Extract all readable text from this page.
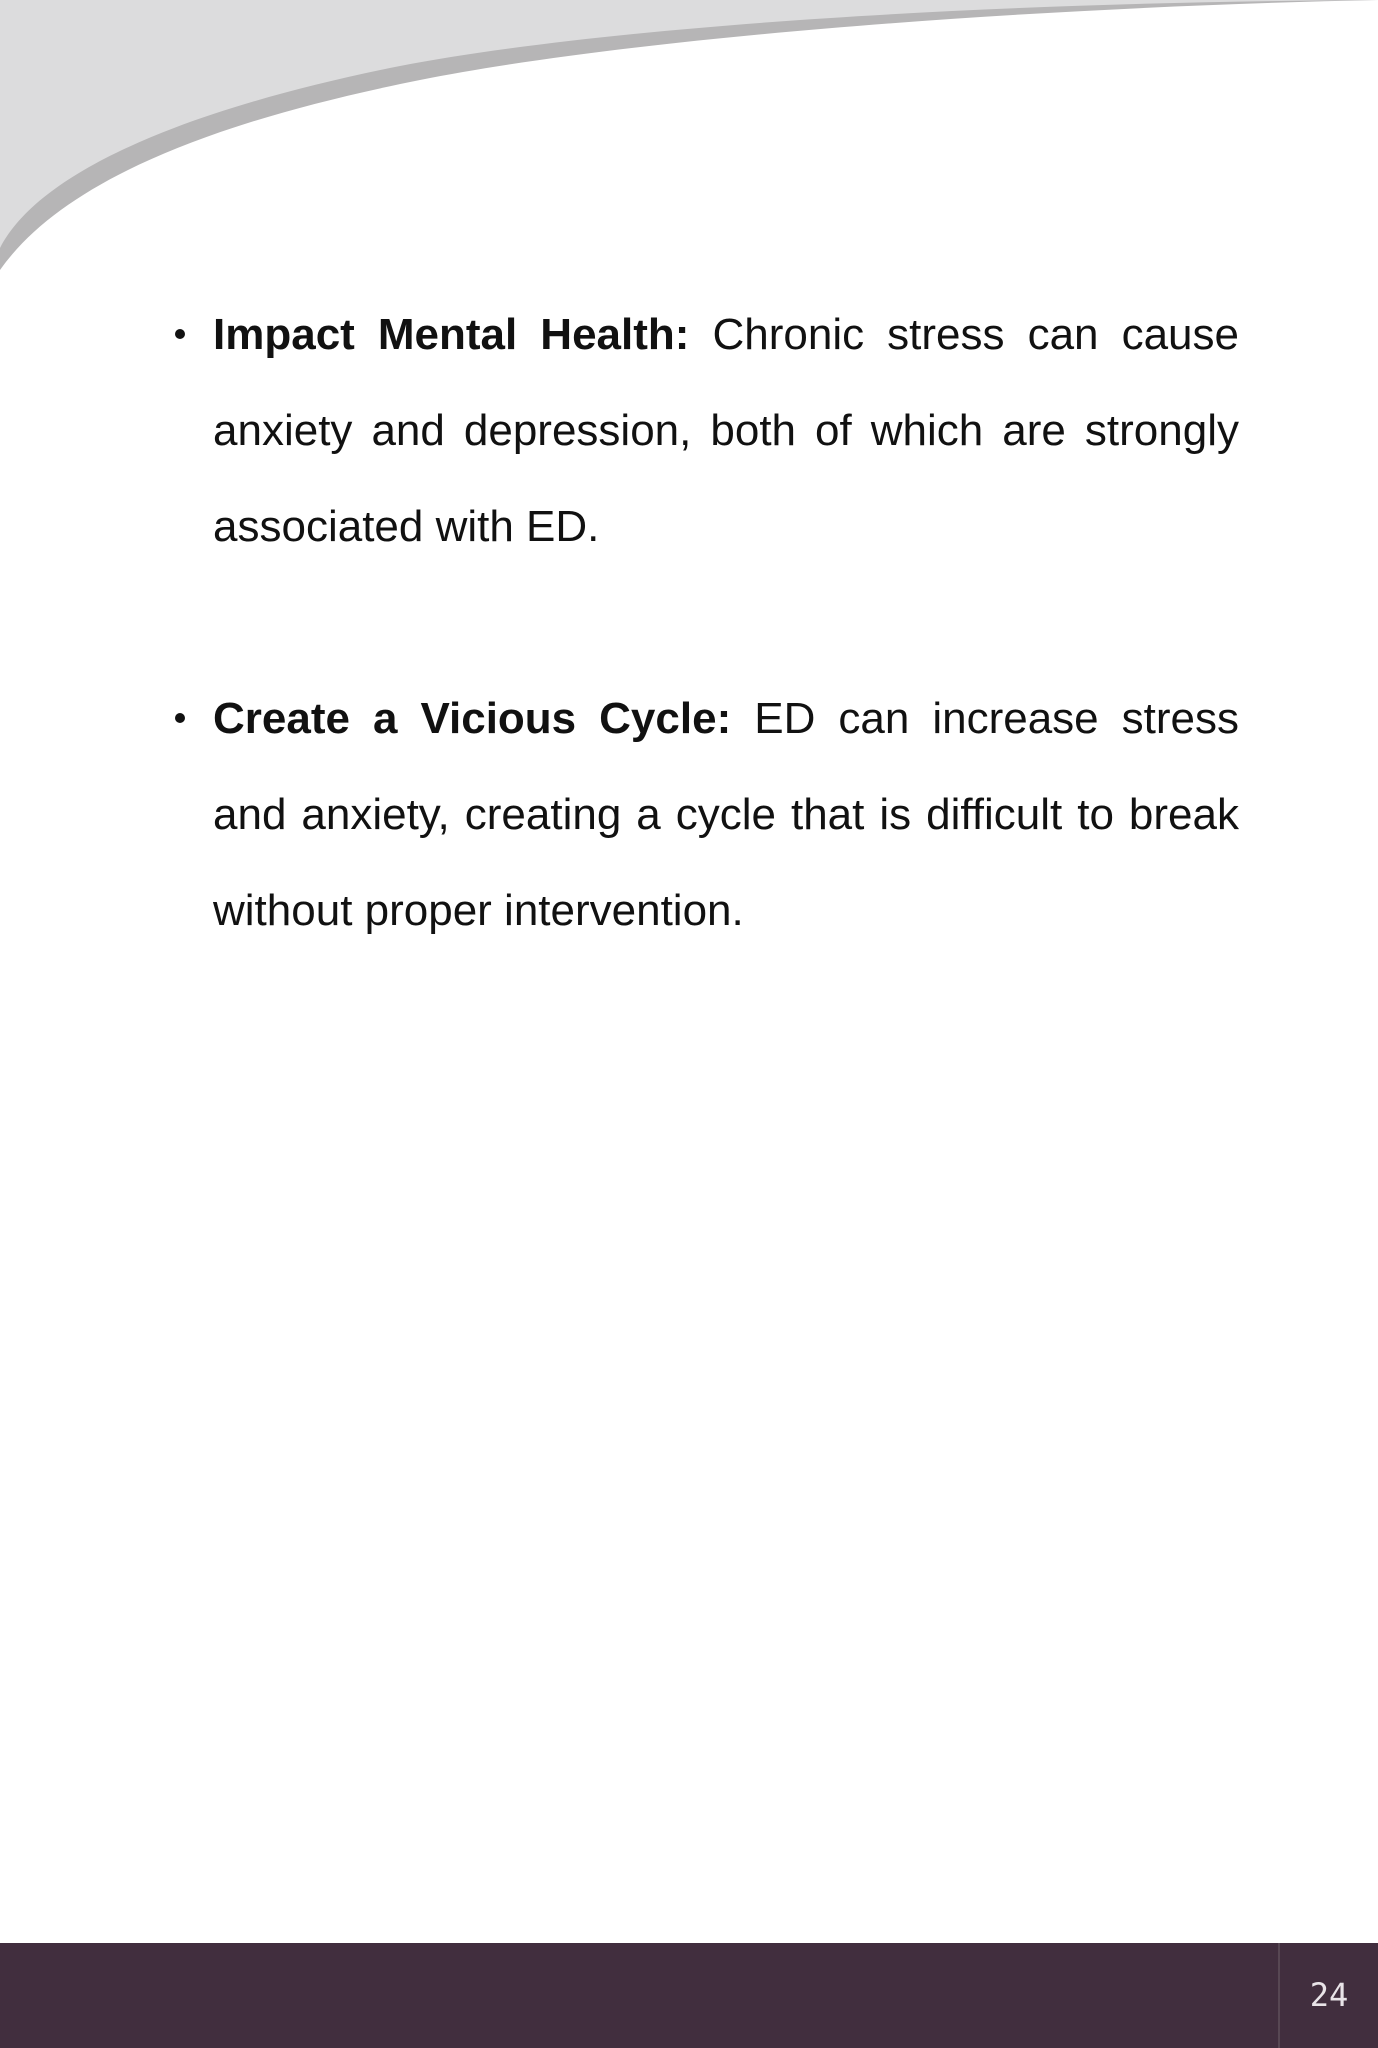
Impact Mental Health: Chronic stress can cause anxiety and depression, both of which are strongly associated with ED.
Create a Vicious Cycle: ED can increase stress and anxiety, creating a cycle that is difficult to break without proper intervention.
24
